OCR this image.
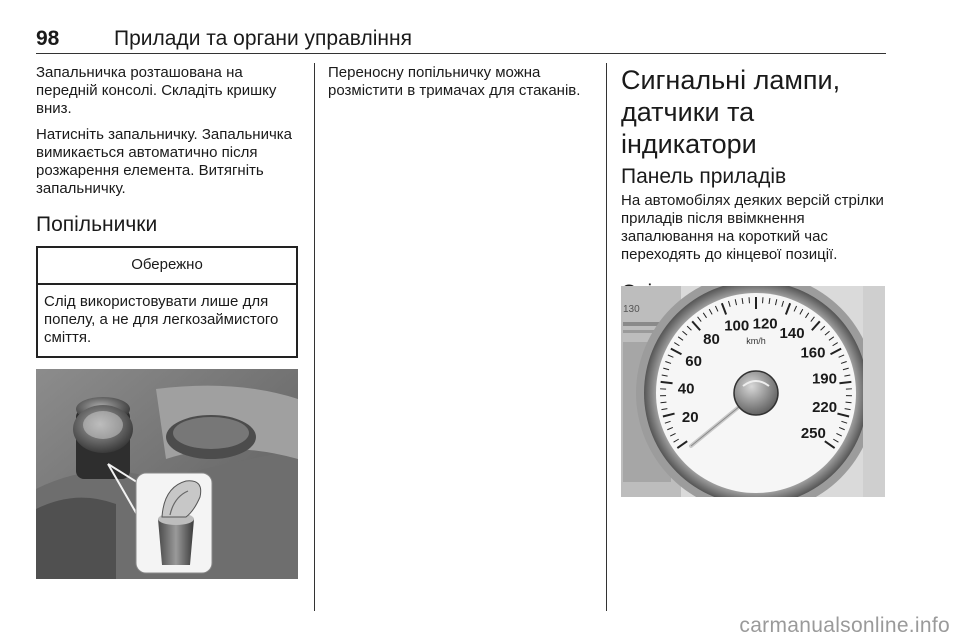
98	Прилади та органи управління

Запальничка розташована на передній консолі. Складіть кришку вниз.

Натисніть запальничку. Запальничка вимикається автоматично після розжарення елемента. Витягніть запальничку.

Попільнички
Обережно
Слід використовувати лише для попелу, а не для легкозаймистого сміття.

Переносну попільничку можна розмістити в тримачах для стаканів.	Сигнальні лампи, датчики та індикатори
Панель приладів

На автомобілях деяких версій стрілки приладів після ввімкнення запалювання на короткий час переходять до кінцевої позиції.

130
20
40
60
80
100 120
140
160
190
220
250
km/h
carmanualsonline.info
